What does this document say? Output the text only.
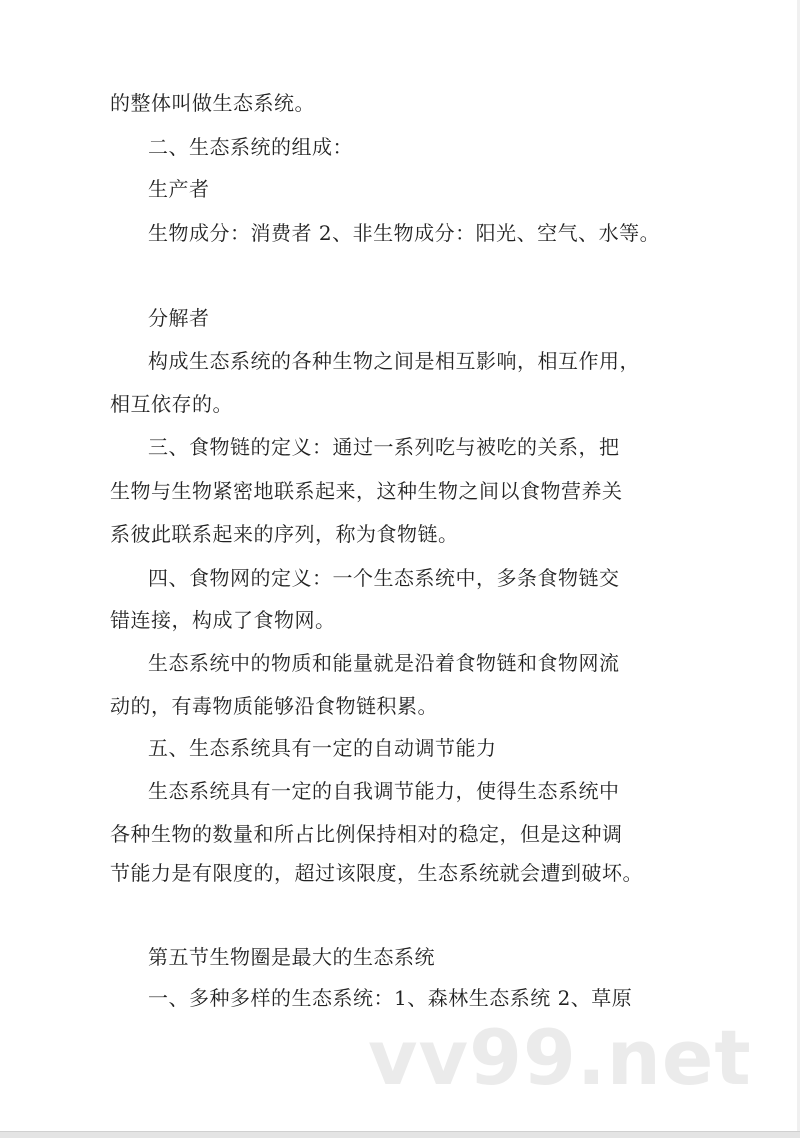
的整体叫做生态系统。
二、生态系统的组成：
生产者
生物成分：消费者 2、非生物成分：阳光、空气、水等。
分解者
构成生态系统的各种生物之间是相互影响，相互作用，
相互依存的。
三、食物链的定义：通过一系列吃与被吃的关系，把
生物与生物紧密地联系起来，这种生物之间以食物营养关
系彼此联系起来的序列，称为食物链。
四、食物网的定义：一个生态系统中，多条食物链交
错连接，构成了食物网。
生态系统中的物质和能量就是沿着食物链和食物网流
动的，有毒物质能够沿食物链积累。
五、生态系统具有一定的自动调节能力
生态系统具有一定的自我调节能力，使得生态系统中
各种生物的数量和所占比例保持相对的稳定，但是这种调
节能力是有限度的，超过该限度，生态系统就会遭到破坏。
第五节生物圈是最大的生态系统
一、多种多样的生态系统：1、森林生态系统 2、草原
vv99.net
